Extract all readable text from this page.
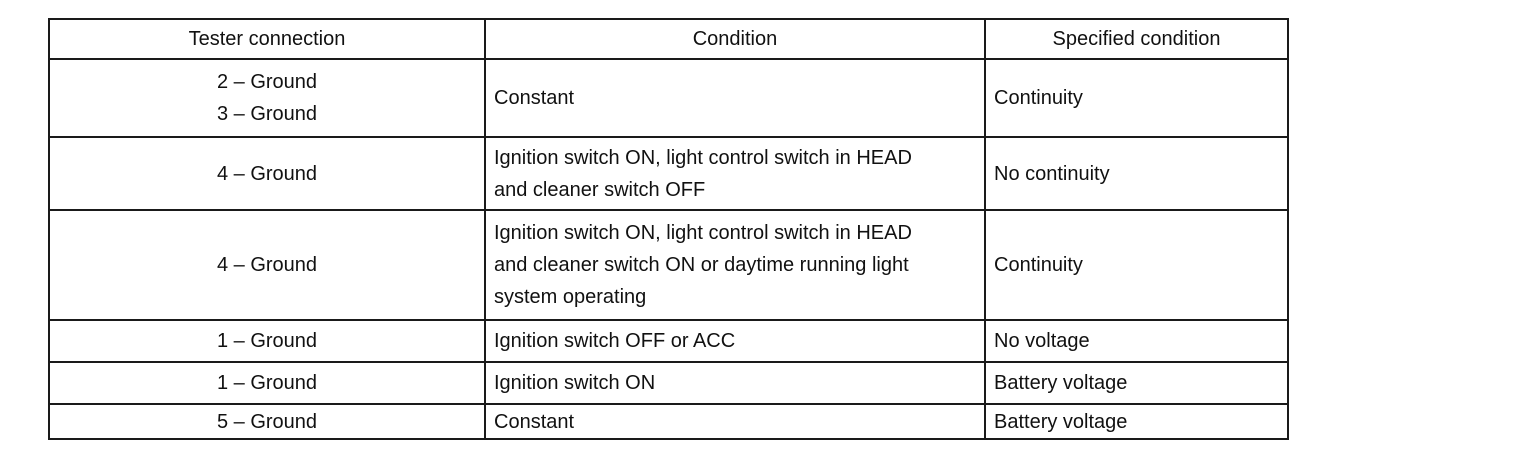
Tester connection	Condition	Specified condition

2 – Ground
3 – Ground	Constant	Continuity

4 – Ground	Ignition switch ON, light control switch in HEAD
and cleaner switch OFF	No continuity

4 – Ground	Ignition switch ON, light control switch in HEAD
and cleaner switch ON or daytime running light
system operating	Continuity

1 – Ground	Ignition switch OFF or ACC	No voltage

1 – Ground	Ignition switch ON	Battery voltage

5 – Ground	Constant	Battery voltage
